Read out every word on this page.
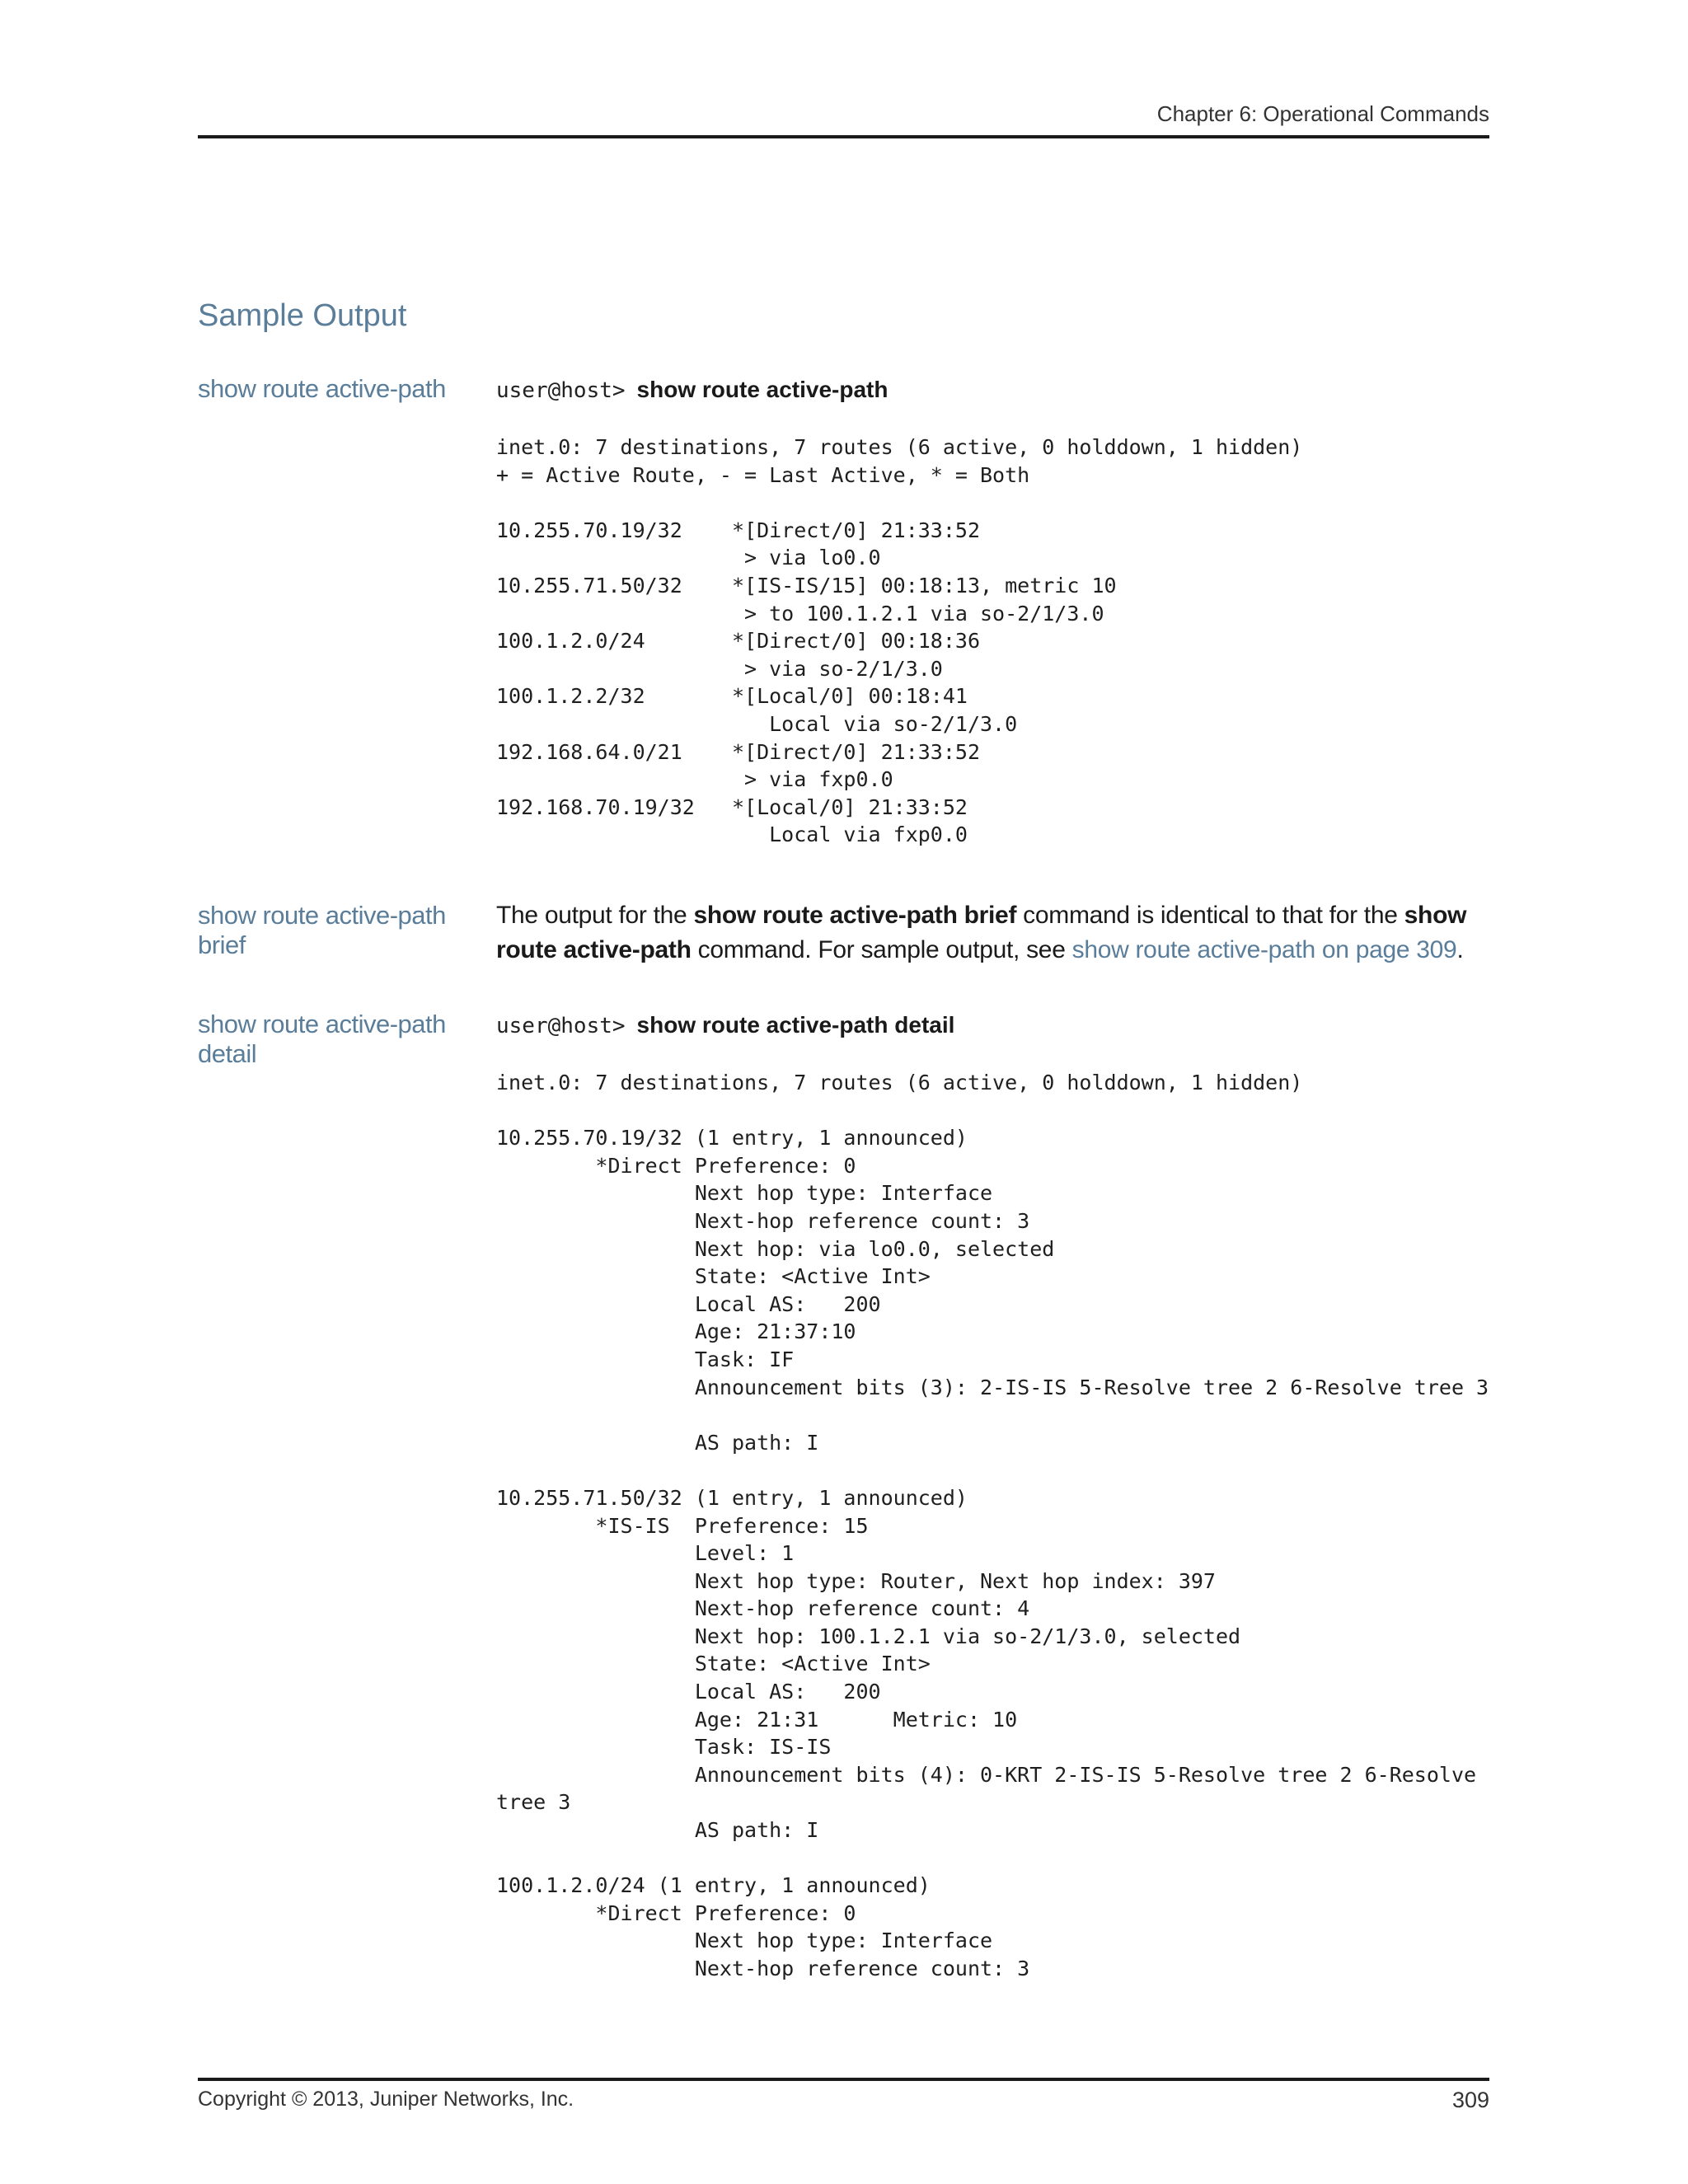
Chapter 6: Operational Commands
Sample Output
show route active-path	user@host> show route active-path
inet.0: 7 destinations, 7 routes (6 active, 0 holddown, 1 hidden)
+ = Active Route, - = Last Active, * = Both

10.255.70.19/32    *[Direct/0] 21:33:52
> via lo0.0
10.255.71.50/32    *[IS-IS/15] 00:18:13, metric 10
> to 100.1.2.1 via so-2/1/3.0
100.1.2.0/24       *[Direct/0] 00:18:36
> via so-2/1/3.0
100.1.2.2/32       *[Local/0] 00:18:41
Local via so-2/1/3.0
192.168.64.0/21    *[Direct/0] 21:33:52
> via fxp0.0
192.168.70.19/32   *[Local/0] 21:33:52
Local via fxp0.0
show route active-path
brief
The output for the show route active-path brief command is identical to that for the show route active-path command. For sample output, see show route active-path on page 309.
show route active-path
detail
user@host> show route active-path detail
inet.0: 7 destinations, 7 routes (6 active, 0 holddown, 1 hidden)

10.255.70.19/32 (1 entry, 1 announced)
*Direct Preference: 0
Next hop type: Interface
Next-hop reference count: 3
Next hop: via lo0.0, selected
State: <Active Int>
Local AS:   200
Age: 21:37:10
Task: IF
Announcement bits (3): 2-IS-IS 5-Resolve tree 2 6-Resolve tree 3

AS path: I

10.255.71.50/32 (1 entry, 1 announced)
*IS-IS  Preference: 15
Level: 1
Next hop type: Router, Next hop index: 397
Next-hop reference count: 4
Next hop: 100.1.2.1 via so-2/1/3.0, selected
State: <Active Int>
Local AS:   200
Age: 21:31      Metric: 10
Task: IS-IS
Announcement bits (4): 0-KRT 2-IS-IS 5-Resolve tree 2 6-Resolve
tree 3
AS path: I

100.1.2.0/24 (1 entry, 1 announced)
*Direct Preference: 0
Next hop type: Interface
Next-hop reference count: 3
Copyright © 2013, Juniper Networks, Inc.	309
